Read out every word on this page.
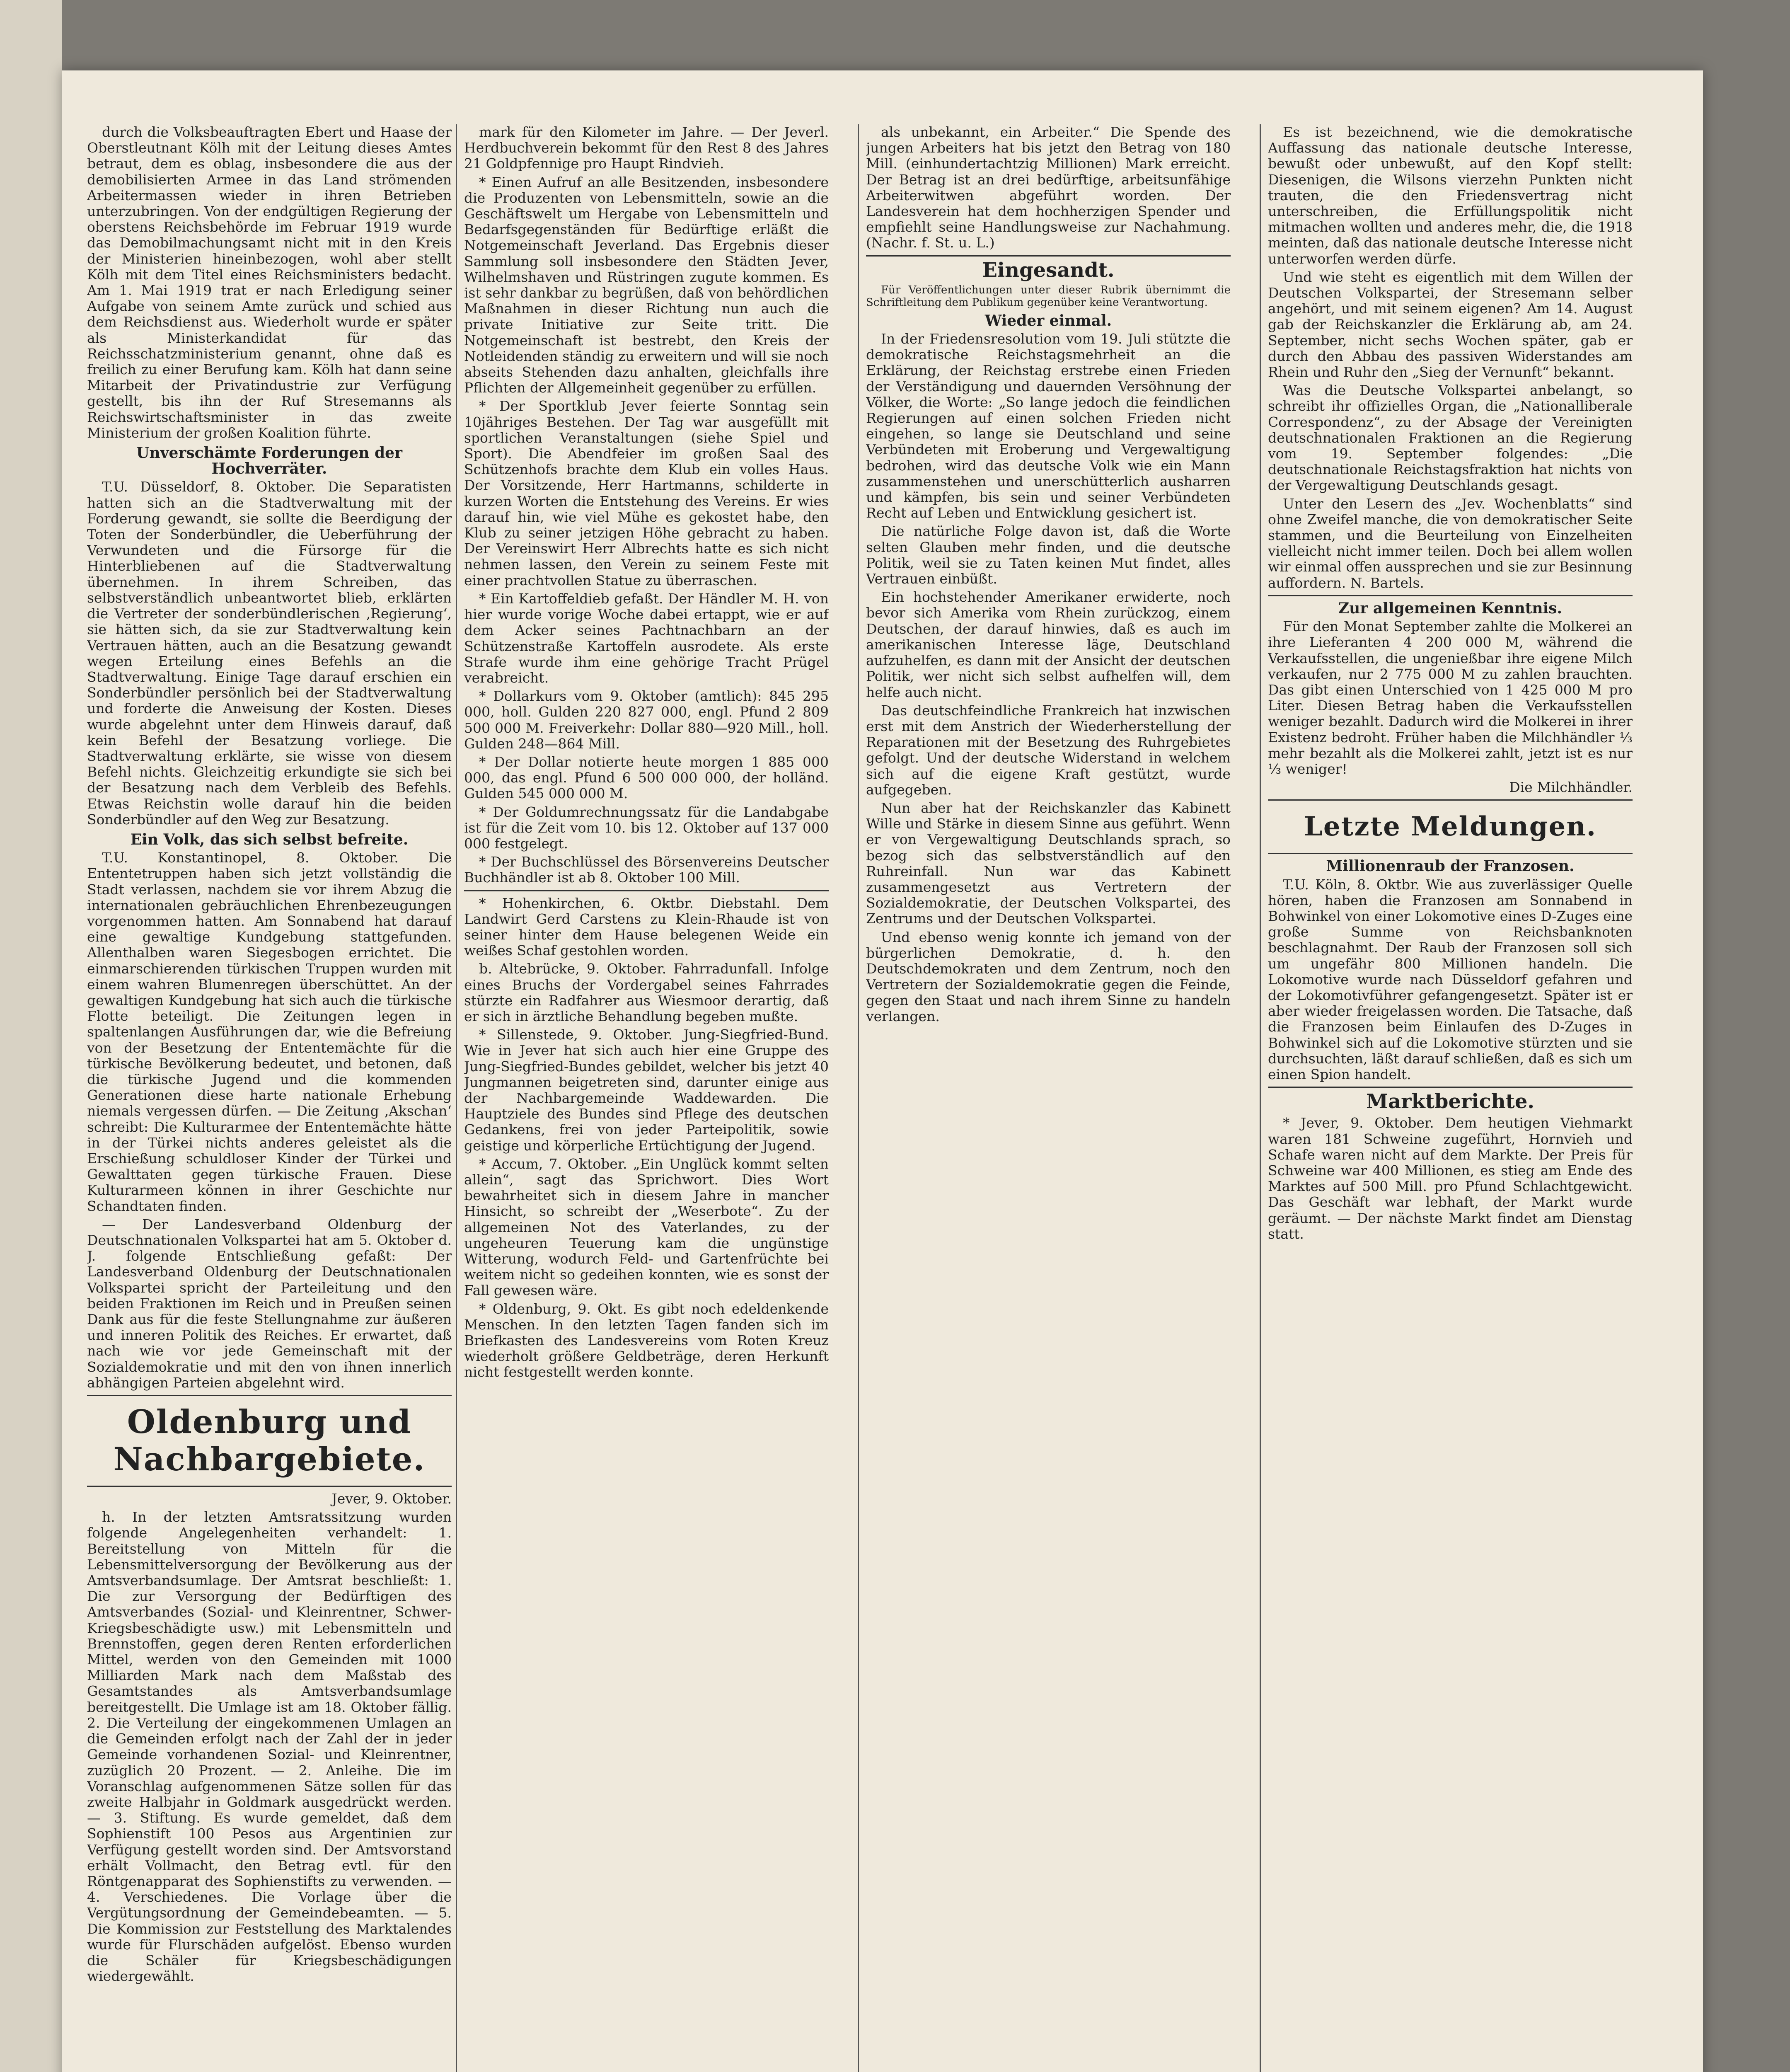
durch die Volksbeauftragten Ebert und Haase der Oberstleutnant Kölh mit der Leitung dieses Amtes betraut, dem es oblag, insbesondere die aus der demobilisierten Armee in das Land strömenden Arbeitermassen wieder in ihren Betrieben unterzubringen. Von der endgültigen Regierung der oberstens Reichsbehörde im Februar 1919 wurde das Demobilmachungsamt nicht mit in den Kreis der Ministerien hineinbezogen, wohl aber stellt Kölh mit dem Titel eines Reichsministers bedacht. Am 1. Mai 1919 trat er nach Erledigung seiner Aufgabe von seinem Amte zurück und schied aus dem Reichsdienst aus. Wiederholt wurde er später als Ministerkandidat für das Reichsschatzministerium genannt, ohne daß es freilich zu einer Berufung kam. Kölh hat dann seine Mitarbeit der Privatindustrie zur Verfügung gestellt, bis ihn der Ruf Stresemanns als Reichswirtschaftsminister in das zweite Ministerium der großen Koalition führte.

Unverschämte Forderungen der Hochverräter.

T.U. Düsseldorf, 8. Oktober. Die Separatisten hatten sich an die Stadtverwaltung mit der Forderung gewandt, sie sollte die Beerdigung der Toten der Sonderbündler, die Ueberführung der Verwundeten und die Fürsorge für die Hinterbliebenen auf die Stadtverwaltung übernehmen. In ihrem Schreiben, das selbstverständlich unbeantwortet blieb, erklärten die Vertreter der sonderbündlerischen ‚Regierung‘, sie hätten sich, da sie zur Stadtverwaltung kein Vertrauen hätten, auch an die Besatzung gewandt wegen Erteilung eines Befehls an die Stadtverwaltung. Einige Tage darauf erschien ein Sonderbündler persönlich bei der Stadtverwaltung und forderte die Anweisung der Kosten. Dieses wurde abgelehnt unter dem Hinweis darauf, daß kein Befehl der Besatzung vorliege. Die Stadtverwaltung erklärte, sie wisse von diesem Befehl nichts. Gleichzeitig erkundigte sie sich bei der Besatzung nach dem Verbleib des Befehls. Etwas Reichstin wolle darauf hin die beiden Sonderbündler auf den Weg zur Besatzung.

Ein Volk, das sich selbst befreite.

T.U. Konstantinopel, 8. Oktober. Die Ententetruppen haben sich jetzt vollständig die Stadt verlassen, nachdem sie vor ihrem Abzug die internationalen gebräuchlichen Ehrenbezeugungen vorgenommen hatten. Am Sonnabend hat darauf eine gewaltige Kundgebung stattgefunden. Allenthalben waren Siegesbogen errichtet. Die einmarschierenden türkischen Truppen wurden mit einem wahren Blumenregen überschüttet. An der gewaltigen Kundgebung hat sich auch die türkische Flotte beteiligt. Die Zeitungen legen in spaltenlangen Ausführungen dar, wie die Befreiung von der Besetzung der Ententemächte für die türkische Bevölkerung bedeutet, und betonen, daß die türkische Jugend und die kommenden Generationen diese harte nationale Erhebung niemals vergessen dürfen. — Die Zeitung ‚Akschan‘ schreibt: Die Kulturarmee der Ententemächte hätte in der Türkei nichts anderes geleistet als die Erschießung schuldloser Kinder der Türkei und Gewalttaten gegen türkische Frauen. Diese Kulturarmeen können in ihrer Geschichte nur Schandtaten finden.

— Der Landesverband Oldenburg der Deutschnationalen Volkspartei hat am 5. Oktober d. J. folgende Entschließung gefaßt: Der Landesverband Oldenburg der Deutschnationalen Volkspartei spricht der Parteileitung und den beiden Fraktionen im Reich und in Preußen seinen Dank aus für die feste Stellungnahme zur äußeren und inneren Politik des Reiches. Er erwartet, daß nach wie vor jede Gemeinschaft mit der Sozialdemokratie und mit den von ihnen innerlich abhängigen Parteien abgelehnt wird.

Oldenburg und Nachbargebiete.

Jever, 9. Oktober.

h. In der letzten Amtsratssitzung wurden folgende Angelegenheiten verhandelt: 1. Bereitstellung von Mitteln für die Lebensmittelversorgung der Bevölkerung aus der Amtsverbandsumlage. Der Amtsrat beschließt: 1. Die zur Versorgung der Bedürftigen des Amtsverbandes (Sozial- und Kleinrentner, Schwer-Kriegsbeschädigte usw.) mit Lebensmitteln und Brennstoffen, gegen deren Renten erforderlichen Mittel, werden von den Gemeinden mit 1000 Milliarden Mark nach dem Maßstab des Gesamtstandes als Amtsverbandsumlage bereitgestellt. Die Umlage ist am 18. Oktober fällig. 2. Die Verteilung der eingekommenen Umlagen an die Gemeinden erfolgt nach der Zahl der in jeder Gemeinde vorhandenen Sozial- und Kleinrentner, zuzüglich 20 Prozent. — 2. Anleihe. Die im Voranschlag aufgenommenen Sätze sollen für das zweite Halbjahr in Goldmark ausgedrückt werden. — 3. Stiftung. Es wurde gemeldet, daß dem Sophienstift 100 Pesos aus Argentinien zur Verfügung gestellt worden sind. Der Amtsvorstand erhält Vollmacht, den Betrag evtl. für den Röntgenapparat des Sophienstifts zu verwenden. — 4. Verschiedenes. Die Vorlage über die Vergütungsordnung der Gemeindebeamten. — 5. Die Kommission zur Feststellung des Marktalendes wurde für Flurschäden aufgelöst. Ebenso wurden die Schäler für Kriegsbeschädigungen wiedergewählt.

mark für den Kilometer im Jahre. — Der Jeverl. Herdbuchverein bekommt für den Rest 8 des Jahres 21 Goldpfennige pro Haupt Rindvieh.

* Einen Aufruf an alle Besitzenden, insbesondere die Produzenten von Lebensmitteln, sowie an die Geschäftswelt um Hergabe von Lebensmitteln und Bedarfsgegenständen für Bedürftige erläßt die Notgemeinschaft Jeverland. Das Ergebnis dieser Sammlung soll insbesondere den Städten Jever, Wilhelmshaven und Rüstringen zugute kommen. Es ist sehr dankbar zu begrüßen, daß von behördlichen Maßnahmen in dieser Richtung nun auch die private Initiative zur Seite tritt. Die Notgemeinschaft ist bestrebt, den Kreis der Notleidenden ständig zu erweitern und will sie noch abseits Stehenden dazu anhalten, gleichfalls ihre Pflichten der Allgemeinheit gegenüber zu erfüllen.

* Der Sportklub Jever feierte Sonntag sein 10jähriges Bestehen. Der Tag war ausgefüllt mit sportlichen Veranstaltungen (siehe Spiel und Sport). Die Abendfeier im großen Saal des Schützenhofs brachte dem Klub ein volles Haus. Der Vorsitzende, Herr Hartmanns, schilderte in kurzen Worten die Entstehung des Vereins. Er wies darauf hin, wie viel Mühe es gekostet habe, den Klub zu seiner jetzigen Höhe gebracht zu haben. Der Vereinswirt Herr Albrechts hatte es sich nicht nehmen lassen, den Verein zu seinem Feste mit einer prachtvollen Statue zu überraschen.

* Ein Kartoffeldieb gefaßt. Der Händler M. H. von hier wurde vorige Woche dabei ertappt, wie er auf dem Acker seines Pachtnachbarn an der Schützenstraße Kartoffeln ausrodete. Als erste Strafe wurde ihm eine gehörige Tracht Prügel verabreicht.

* Dollarkurs vom 9. Oktober (amtlich): 845 295 000, holl. Gulden 220 827 000, engl. Pfund 2 809 500 000 M. Freiverkehr: Dollar 880—920 Mill., holl. Gulden 248—864 Mill.

* Der Dollar notierte heute morgen 1 885 000 000, das engl. Pfund 6 500 000 000, der holländ. Gulden 545 000 000 M.

* Der Goldumrechnungssatz für die Landabgabe ist für die Zeit vom 10. bis 12. Oktober auf 137 000 000 festgelegt.

* Der Buchschlüssel des Börsenvereins Deutscher Buchhändler ist ab 8. Oktober 100 Mill.

* Hohenkirchen, 6. Oktbr. Diebstahl. Dem Landwirt Gerd Carstens zu Klein-Rhaude ist von seiner hinter dem Hause belegenen Weide ein weißes Schaf gestohlen worden.

b. Altebrücke, 9. Oktober. Fahrradunfall. Infolge eines Bruchs der Vordergabel seines Fahrrades stürzte ein Radfahrer aus Wiesmoor derartig, daß er sich in ärztliche Behandlung begeben mußte.

* Sillenstede, 9. Oktober. Jung-Siegfried-Bund. Wie in Jever hat sich auch hier eine Gruppe des Jung-Siegfried-Bundes gebildet, welcher bis jetzt 40 Jungmannen beigetreten sind, darunter einige aus der Nachbargemeinde Waddewarden. Die Hauptziele des Bundes sind Pflege des deutschen Gedankens, frei von jeder Parteipolitik, sowie geistige und körperliche Ertüchtigung der Jugend.

* Accum, 7. Oktober. „Ein Unglück kommt selten allein“, sagt das Sprichwort. Dies Wort bewahrheitet sich in diesem Jahre in mancher Hinsicht, so schreibt der „Weserbote“. Zu der allgemeinen Not des Vaterlandes, zu der ungeheuren Teuerung kam die ungünstige Witterung, wodurch Feld- und Gartenfrüchte bei weitem nicht so gedeihen konnten, wie es sonst der Fall gewesen wäre.

* Oldenburg, 9. Okt. Es gibt noch edeldenkende Menschen. In den letzten Tagen fanden sich im Briefkasten des Landesvereins vom Roten Kreuz wiederholt größere Geldbeträge, deren Herkunft nicht festgestellt werden konnte.

als unbekannt, ein Arbeiter.“ Die Spende des jungen Arbeiters hat bis jetzt den Betrag von 180 Mill. (einhundertachtzig Millionen) Mark erreicht. Der Betrag ist an drei bedürftige, arbeitsunfähige Arbeiterwitwen abgeführt worden. Der Landesverein hat dem hochherzigen Spender und empfiehlt seine Handlungsweise zur Nachahmung. (Nachr. f. St. u. L.)

Eingesandt.

Für Veröffentlichungen unter dieser Rubrik übernimmt die Schriftleitung dem Publikum gegenüber keine Verantwortung.

Wieder einmal.

In der Friedensresolution vom 19. Juli stützte die demokratische Reichstagsmehrheit an die Erklärung, der Reichstag erstrebe einen Frieden der Verständigung und dauernden Versöhnung der Völker, die Worte: „So lange jedoch die feindlichen Regierungen auf einen solchen Frieden nicht eingehen, so lange sie Deutschland und seine Verbündeten mit Eroberung und Vergewaltigung bedrohen, wird das deutsche Volk wie ein Mann zusammenstehen und unerschütterlich ausharren und kämpfen, bis sein und seiner Verbündeten Recht auf Leben und Entwicklung gesichert ist.

Die natürliche Folge davon ist, daß die Worte selten Glauben mehr finden, und die deutsche Politik, weil sie zu Taten keinen Mut findet, alles Vertrauen einbüßt.

Ein hochstehender Amerikaner erwiderte, noch bevor sich Amerika vom Rhein zurückzog, einem Deutschen, der darauf hinwies, daß es auch im amerikanischen Interesse läge, Deutschland aufzuhelfen, es dann mit der Ansicht der deutschen Politik, wer nicht sich selbst aufhelfen will, dem helfe auch nicht.

Das deutschfeindliche Frankreich hat inzwischen erst mit dem Anstrich der Wiederherstellung der Reparationen mit der Besetzung des Ruhrgebietes gefolgt. Und der deutsche Widerstand in welchem sich auf die eigene Kraft gestützt, wurde aufgegeben.

Nun aber hat der Reichskanzler das Kabinett Wille und Stärke in diesem Sinne aus geführt. Wenn er von Vergewaltigung Deutschlands sprach, so bezog sich das selbstverständlich auf den Ruhreinfall. Nun war das Kabinett zusammengesetzt aus Vertretern der Sozialdemokratie, der Deutschen Volkspartei, des Zentrums und der Deutschen Volkspartei.

Und ebenso wenig konnte ich jemand von der bürgerlichen Demokratie, d. h. den Deutschdemokraten und dem Zentrum, noch den Vertretern der Sozialdemokratie gegen die Feinde, gegen den Staat und nach ihrem Sinne zu handeln verlangen.

Es ist bezeichnend, wie die demokratische Auffassung das nationale deutsche Interesse, bewußt oder unbewußt, auf den Kopf stellt: Diesenigen, die Wilsons vierzehn Punkten nicht trauten, die den Friedensvertrag nicht unterschreiben, die Erfüllungspolitik nicht mitmachen wollten und anderes mehr, die, die 1918 meinten, daß das nationale deutsche Interesse nicht unterworfen werden dürfe.

Und wie steht es eigentlich mit dem Willen der Deutschen Volkspartei, der Stresemann selber angehört, und mit seinem eigenen? Am 14. August gab der Reichskanzler die Erklärung ab, am 24. September, nicht sechs Wochen später, gab er durch den Abbau des passiven Widerstandes am Rhein und Ruhr den „Sieg der Vernunft“ bekannt.

Was die Deutsche Volkspartei anbelangt, so schreibt ihr offizielles Organ, die „Nationalliberale Correspondenz“, zu der Absage der Vereinigten deutschnationalen Fraktionen an die Regierung vom 19. September folgendes: „Die deutschnationale Reichstagsfraktion hat nichts von der Vergewaltigung Deutschlands gesagt.

Unter den Lesern des „Jev. Wochenblatts“ sind ohne Zweifel manche, die von demokratischer Seite stammen, und die Beurteilung von Einzelheiten vielleicht nicht immer teilen. Doch bei allem wollen wir einmal offen aussprechen und sie zur Besinnung auffordern. N. Bartels.

Zur allgemeinen Kenntnis.

Für den Monat September zahlte die Molkerei an ihre Lieferanten 4 200 000 M, während die Verkaufsstellen, die ungenießbar ihre eigene Milch verkaufen, nur 2 775 000 M zu zahlen brauchten. Das gibt einen Unterschied von 1 425 000 M pro Liter. Diesen Betrag haben die Verkaufsstellen weniger bezahlt. Dadurch wird die Molkerei in ihrer Existenz bedroht. Früher haben die Milchhändler ⅓ mehr bezahlt als die Molkerei zahlt, jetzt ist es nur ⅓ weniger!

Die Milchhändler.

Letzte Meldungen.
Millionenraub der Franzosen.

T.U. Köln, 8. Oktbr. Wie aus zuverlässiger Quelle hören, haben die Franzosen am Sonnabend in Bohwinkel von einer Lokomotive eines D-Zuges eine große Summe von Reichsbanknoten beschlagnahmt. Der Raub der Franzosen soll sich um ungefähr 800 Millionen handeln. Die Lokomotive wurde nach Düsseldorf gefahren und der Lokomotivführer gefangengesetzt. Später ist er aber wieder freigelassen worden. Die Tatsache, daß die Franzosen beim Einlaufen des D-Zuges in Bohwinkel sich auf die Lokomotive stürzten und sie durchsuchten, läßt darauf schließen, daß es sich um einen Spion handelt.

Marktberichte.

* Jever, 9. Oktober. Dem heutigen Viehmarkt waren 181 Schweine zugeführt, Hornvieh und Schafe waren nicht auf dem Markte. Der Preis für Schweine war 400 Millionen, es stieg am Ende des Marktes auf 500 Mill. pro Pfund Schlachtgewicht. Das Geschäft war lebhaft, der Markt wurde geräumt. — Der nächste Markt findet am Dienstag statt.
